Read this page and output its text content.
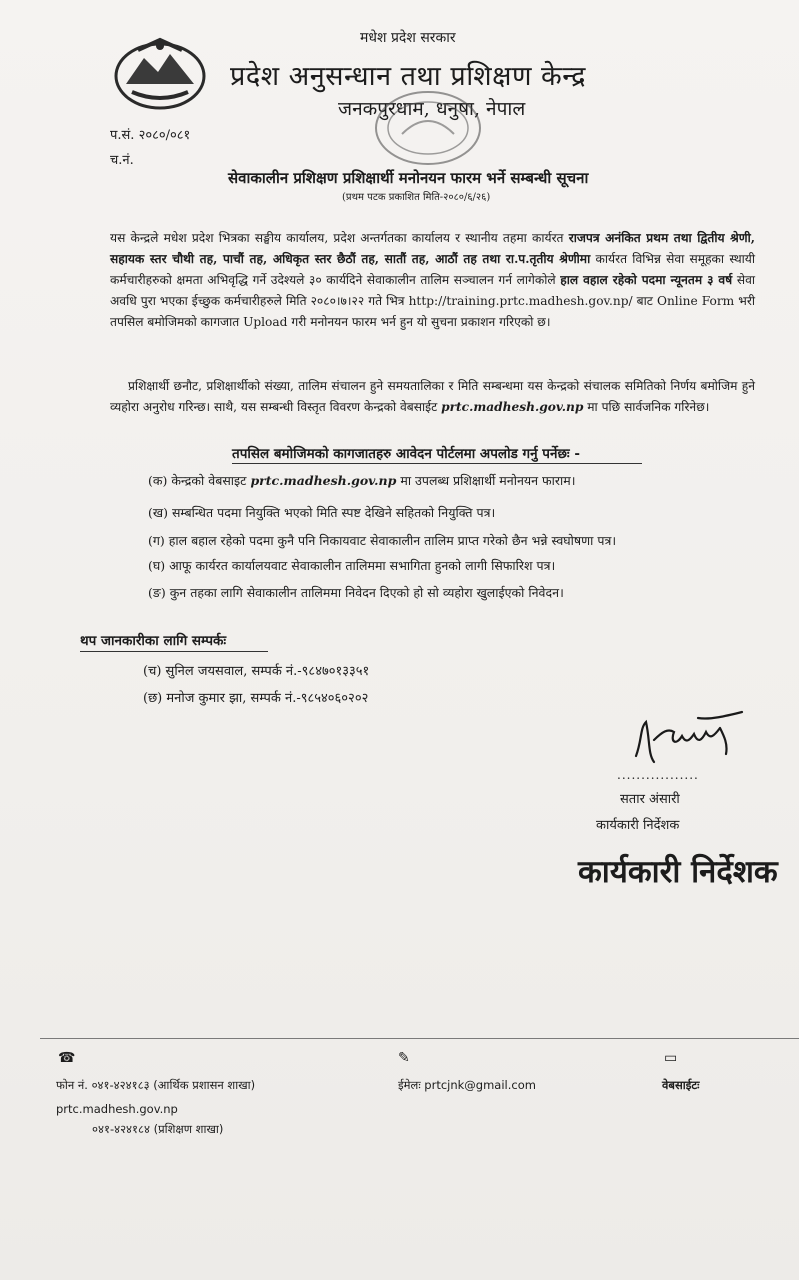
मधेश प्रदेश सरकार
प्रदेश अनुसन्धान तथा प्रशिक्षण केन्द्र
जनकपुरधाम, धनुषा, नेपाल
प.सं. २०८०/०८१
च.नं.
सेवाकालीन प्रशिक्षण प्रशिक्षार्थी मनोनयन फारम भर्ने सम्बन्धी सूचना
(प्रथम पटक प्रकाशित मिति-२०८०/६/२६)
यस केन्द्रले मधेश प्रदेश भित्रका सङ्घीय कार्यालय, प्रदेश अन्तर्गतका कार्यालय र स्थानीय तहमा कार्यरत राजपत्र अनंकित प्रथम तथा द्वितीय श्रेणी, सहायक स्तर चौथी तह, पाचौं तह, अधिकृत स्तर छैठौं तह, सातौं तह, आठौं तह तथा रा.प.तृतीय श्रेणीमा कार्यरत विभिन्न सेवा समूहका स्थायी कर्मचारीहरुको क्षमता अभिवृद्धि गर्ने उदेश्यले ३० कार्यदिने सेवाकालीन तालिम सञ्चालन गर्न लागेकोले हाल वहाल रहेको पदमा न्यूनतम ३ वर्ष सेवा अवधि पुरा भएका ईच्छुक कर्मचारीहरुले मिति २०८०।७।२२ गते भित्र http://training.prtc.madhesh.gov.np/ बाट Online Form भरी तपसिल बमोजिमको कागजात Upload गरी मनोनयन फारम भर्न हुन यो सुचना प्रकाशन गरिएको छ।
प्रशिक्षार्थी छनौट, प्रशिक्षार्थीको संख्या, तालिम संचालन हुने समयतालिका र मिति सम्बन्धमा यस केन्द्रको संचालक समितिको निर्णय बमोजिम हुने व्यहोरा अनुरोध गरिन्छ। साथै, यस सम्बन्धी विस्तृत विवरण केन्द्रको वेबसाईट prtc.madhesh.gov.np मा पछि सार्वजनिक गरिनेछ।
तपसिल बमोजिमको कागजातहरु आवेदन पोर्टलमा अपलोड गर्नु पर्नेछः -
(क) केन्द्रको वेबसाइट prtc.madhesh.gov.np मा उपलब्ध प्रशिक्षार्थी मनोनयन फाराम।
(ख) सम्बन्धित पदमा नियुक्ति भएको मिति स्पष्ट देखिने सहितको नियुक्ति पत्र।
(ग) हाल बहाल रहेको पदमा कुनै पनि निकायवाट सेवाकालीन तालिम प्राप्त गरेको छैन भन्ने स्वघोषणा पत्र।
(घ) आफू कार्यरत कार्यालयवाट सेवाकालीन तालिममा सभागिता हुनको लागी सिफारिश पत्र।
(ङ) कुन तहका लागि सेवाकालीन तालिममा निवेदन दिएको हो सो व्यहोरा खुलाईएको निवेदन।
थप जानकारीका लागि सम्पर्कः
(च) सुनिल जयसवाल, सम्पर्क नं.-९८४७०१३३५१
(छ) मनोज कुमार झा, सम्पर्क नं.-९८५४०६०२०२
.................
सतार अंसारी
कार्यकारी निर्देशक
कार्यकारी निर्देशक
☎
फोन नं. ०४१-४२४१८३ (आर्थिक प्रशासन शाखा)
prtc.madhesh.gov.np
०४१-४२४१८४ (प्रशिक्षण शाखा)
✎
ईमेलः prtcjnk@gmail.com
▭
वेबसाईटः
